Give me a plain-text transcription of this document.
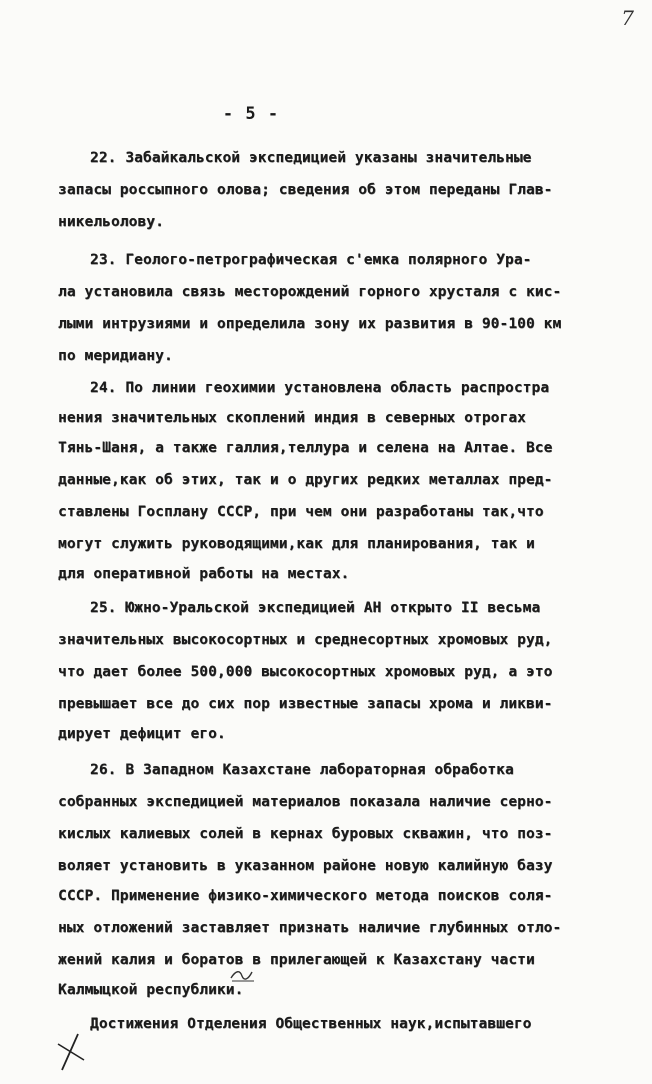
7
- 5 -
22. Забайкальской экспедицией указаны значительные
запасы россыпного олова; сведения об этом переданы Глав-
никельолову.
23. Геолого-петрографическая с'емка полярного Ура-
ла установила связь месторождений горного хрусталя с кис-
лыми интрузиями и определила зону их развития в 90-100 км
по меридиану.
24. По линии геохимии установлена область распростра
нения значительных скоплений индия в северных отрогах
Тянь-Шаня, а также галлия,теллура и селена на Алтае. Все
данные,как об этих, так и о других редких металлах пред-
ставлены Госплану СССР, при чем они разработаны так,что
могут служить руководящими,как для планирования, так и
для оперативной работы на местах.
25. Южно-Уральской экспедицией АН открыто II весьма
значительных высокосортных и среднесортных хромовых руд,
что дает более 500,000 высокосортных хромовых руд, а это
превышает все до сих пор известные запасы хрома и ликви-
дирует дефицит его.
26. В Западном Казахстане лабораторная обработка
собранных экспедицией материалов показала наличие серно-
кислых калиевых солей в кернах буровых скважин, что поз-
воляет установить в указанном районе новую калийную базу
СССР. Применение физико-химического метода поисков соля-
ных отложений заставляет признать наличие глубинных отло-
жений калия и боратов в прилегающей к Казахстану части
Калмыцкой республики.
Достижения Отделения Общественных наук,испытавшего
